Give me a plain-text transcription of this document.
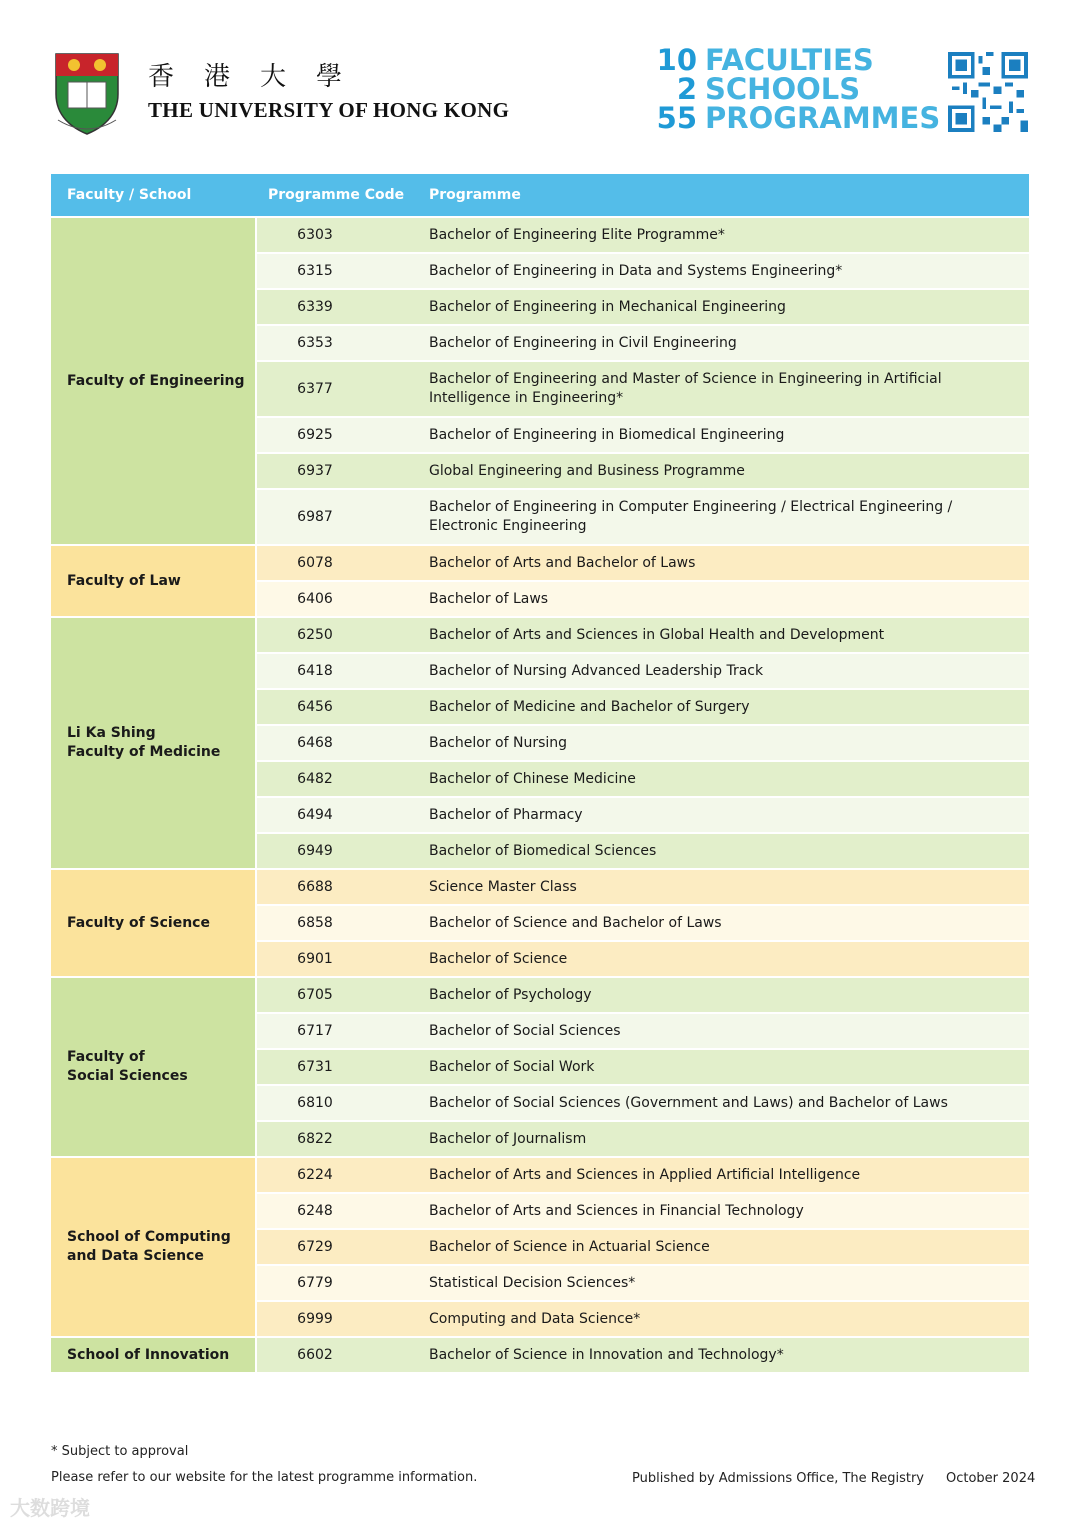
香港大學
THE UNIVERSITY OF HONG KONG
10 FACULTIES
2 SCHOOLS
55 PROGRAMMES
Faculty / School	Programme Code	Programme
Faculty of Engineering	6303	Bachelor of Engineering Elite Programme*
	6315	Bachelor of Engineering in Data and Systems Engineering*
	6339	Bachelor of Engineering in Mechanical Engineering
	6353	Bachelor of Engineering in Civil Engineering
	6377	Bachelor of Engineering and Master of Science in Engineering in Artificial Intelligence in Engineering*
	6925	Bachelor of Engineering in Biomedical Engineering
	6937	Global Engineering and Business Programme
	6987	Bachelor of Engineering in Computer Engineering / Electrical Engineering / Electronic Engineering
Faculty of Law	6078	Bachelor of Arts and Bachelor of Laws
	6406	Bachelor of Laws
Li Ka Shing
Faculty of Medicine	6250	Bachelor of Arts and Sciences in Global Health and Development
	6418	Bachelor of Nursing Advanced Leadership Track
	6456	Bachelor of Medicine and Bachelor of Surgery
	6468	Bachelor of Nursing
	6482	Bachelor of Chinese Medicine
	6494	Bachelor of Pharmacy
	6949	Bachelor of Biomedical Sciences
Faculty of Science	6688	Science Master Class
	6858	Bachelor of Science and Bachelor of Laws
	6901	Bachelor of Science
Faculty of
Social Sciences	6705	Bachelor of Psychology
	6717	Bachelor of Social Sciences
	6731	Bachelor of Social Work
	6810	Bachelor of Social Sciences (Government and Laws) and Bachelor of Laws
	6822	Bachelor of Journalism
School of Computing
and Data Science	6224	Bachelor of Arts and Sciences in Applied Artificial Intelligence
	6248	Bachelor of Arts and Sciences in Financial Technology
	6729	Bachelor of Science in Actuarial Science
	6779	Statistical Decision Sciences*
	6999	Computing and Data Science*
School of Innovation	6602	Bachelor of Science in Innovation and Technology*
* Subject to approval
Please refer to our website for the latest programme information.	Published by Admissions Office, The Registry October 2024
大数跨境
